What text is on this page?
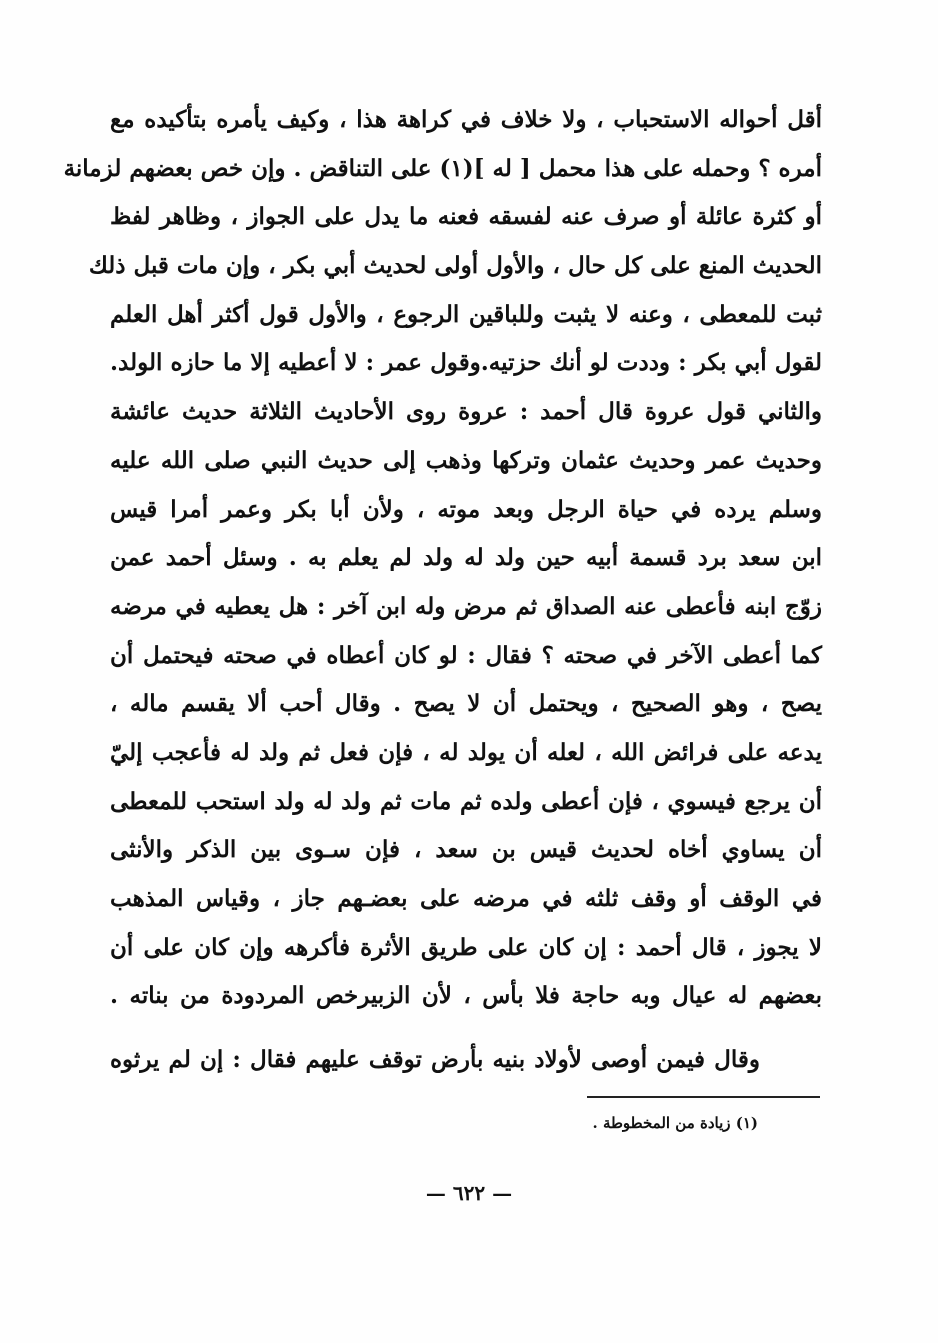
أقل أحواله الاستحباب ، ولا خلاف في كراهة هذا ، وكيف يأمره بتأكيده مع
أمره ؟ وحمله على هذا محمل [ له ](١) على التناقض . وإن خص بعضهم لزمانة
أو كثرة عائلة أو صرف عنه لفسقه فعنه ما يدل على الجواز ، وظاهر لفظ
الحديث المنع على كل حال ، والأول أولى لحديث أبي بكر ، وإن مات قبل ذلك
ثبت للمعطى ، وعنه لا يثبت وللباقين الرجوع ، والأول قول أكثر أهل العلم
لقول أبي بكر : وددت لو أنك حزتيه.وقول عمر : لا أعطيه إلا ما حازه الولد.
والثاني قول عروة قال أحمد : عروة روى الأحاديث الثلاثة حديث عائشة
وحديث عمر وحديث عثمان وتركها وذهب إلى حديث النبي صلى الله عليه
وسلم يرده في حياة الرجل وبعد موته ، ولأن أبا بكر وعمر أمرا قيس
ابن سعد برد قسمة أبيه حين ولد له ولد لم يعلم به . وسئل أحمد عمن
زوّج ابنه فأعطى عنه الصداق ثم مرض وله ابن آخر : هل يعطيه في مرضه
كما أعطى الآخر في صحته ؟ فقال : لو كان أعطاه في صحته فيحتمل أن
يصح ، وهو الصحيح ، ويحتمل أن لا يصح . وقال أحب ألا يقسم ماله ،
يدعه على فرائض الله ، لعله أن يولد له ، فإن فعل ثم ولد له فأعجب إليّ
أن يرجع فيسوي ، فإن أعطى ولده ثم مات ثم ولد له ولد استحب للمعطى
أن يساوي أخاه لحديث قيس بن سعد ، فإن سـوى بين الذكر والأنثى
في الوقف أو وقف ثلثه في مرضه على بعضـهم جاز ، وقياس المذهب
لا يجوز ، قال أحمد : إن كان على طريق الأثرة فأكرهه وإن كان على أن
بعضهم له عيال وبه حاجة فلا بأس ، لأن الزبيرخص المردودة من بناته .
وقال فيمن أوصى لأولاد بنيه بأرض توقف عليهم فقال : إن لم يرثوه
(١) زيادة من المخطوطة .
— ٦٢٢ —
